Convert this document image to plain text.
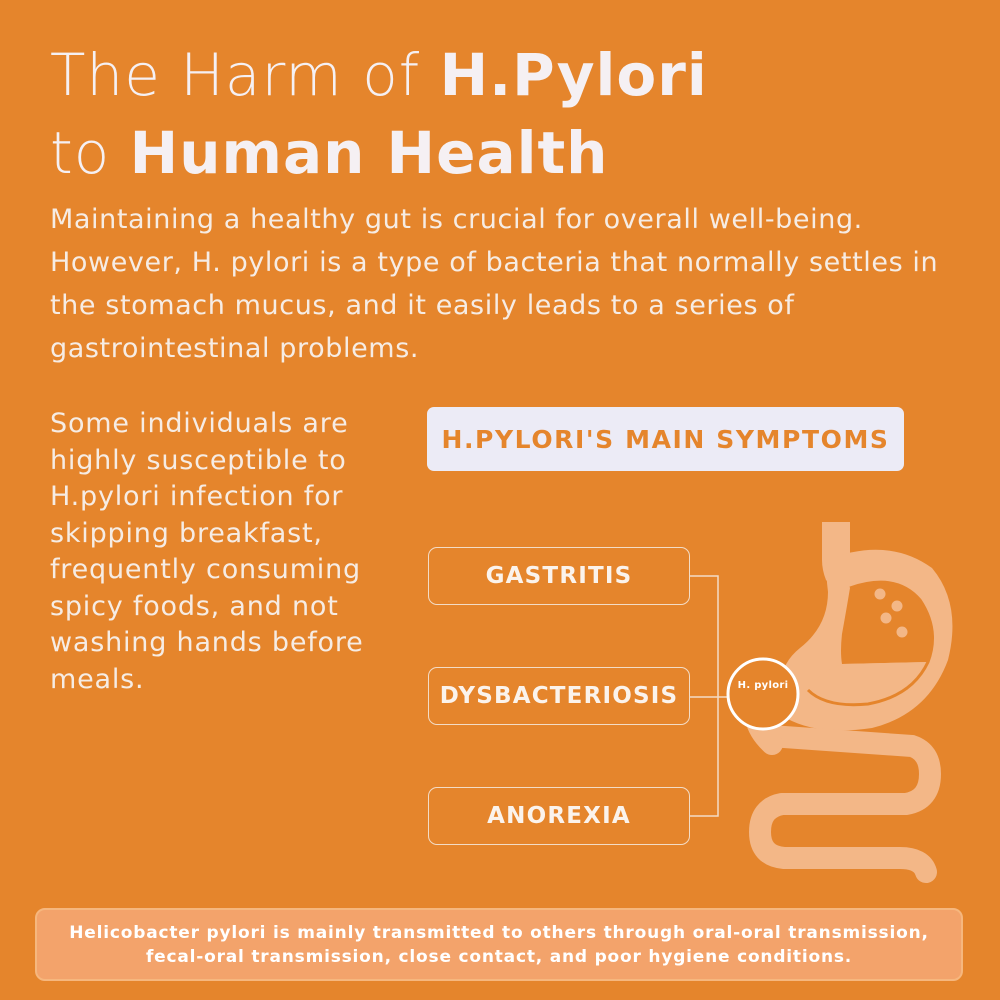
The Harm of H.Pylori
to Human Health

Maintaining a healthy gut is crucial for overall well-being. However, H. pylori is a type of bacteria that normally settles in the stomach mucus, and it easily leads to a series of gastrointestinal problems.

Some individuals are highly susceptible to H.pylori infection for skipping breakfast, frequently consuming spicy foods, and not washing hands before meals.

H.PYLORI'S MAIN SYMPTOMS
GASTRITIS
DYSBACTERIOSIS
ANOREXIA
H. pylori

Helicobacter pylori is mainly transmitted to others through oral-oral transmission, fecal-oral transmission, close contact, and poor hygiene conditions.
